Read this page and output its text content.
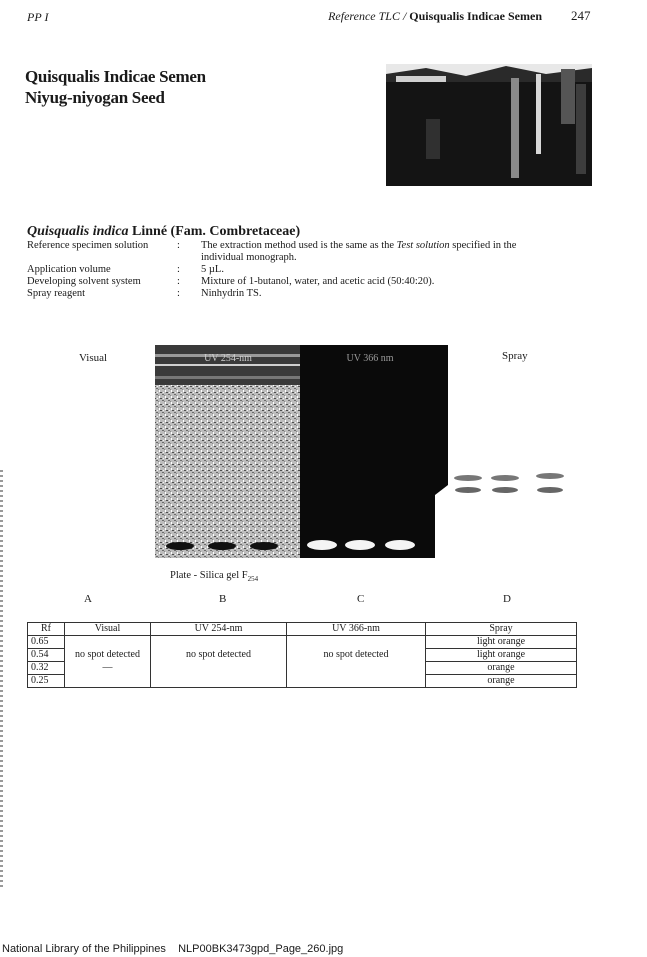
PP I	Reference TLC / Quisqualis Indicae Semen 247
Quisqualis Indicae Semen
Niyug-niyogan Seed
Quisqualis indica Linné (Fam. Combretaceae)
Reference specimen solution	:	The extraction method used is the same as the Test solution specified in the individual monograph.
Application volume	:	5 µL.
Developing solvent system	:	Mixture of 1-butanol, water, and acetic acid (50:40:20).
Spray reagent	:	Ninhydrin TS.
Visual	Spray
UV 254-nm	UV 366 nm
Plate - Silica gel $F_{254}$
A	B	C	D
Rf	Visual	UV 254-nm	UV 366-nm	Spray
0.65				light orange
0.54	no spot detected	no spot detected	no spot detected	light orange
0.32	—			orange
0.25				orange
National Library of the Philippines NLP00BK3473gpd_Page_260.jpg
